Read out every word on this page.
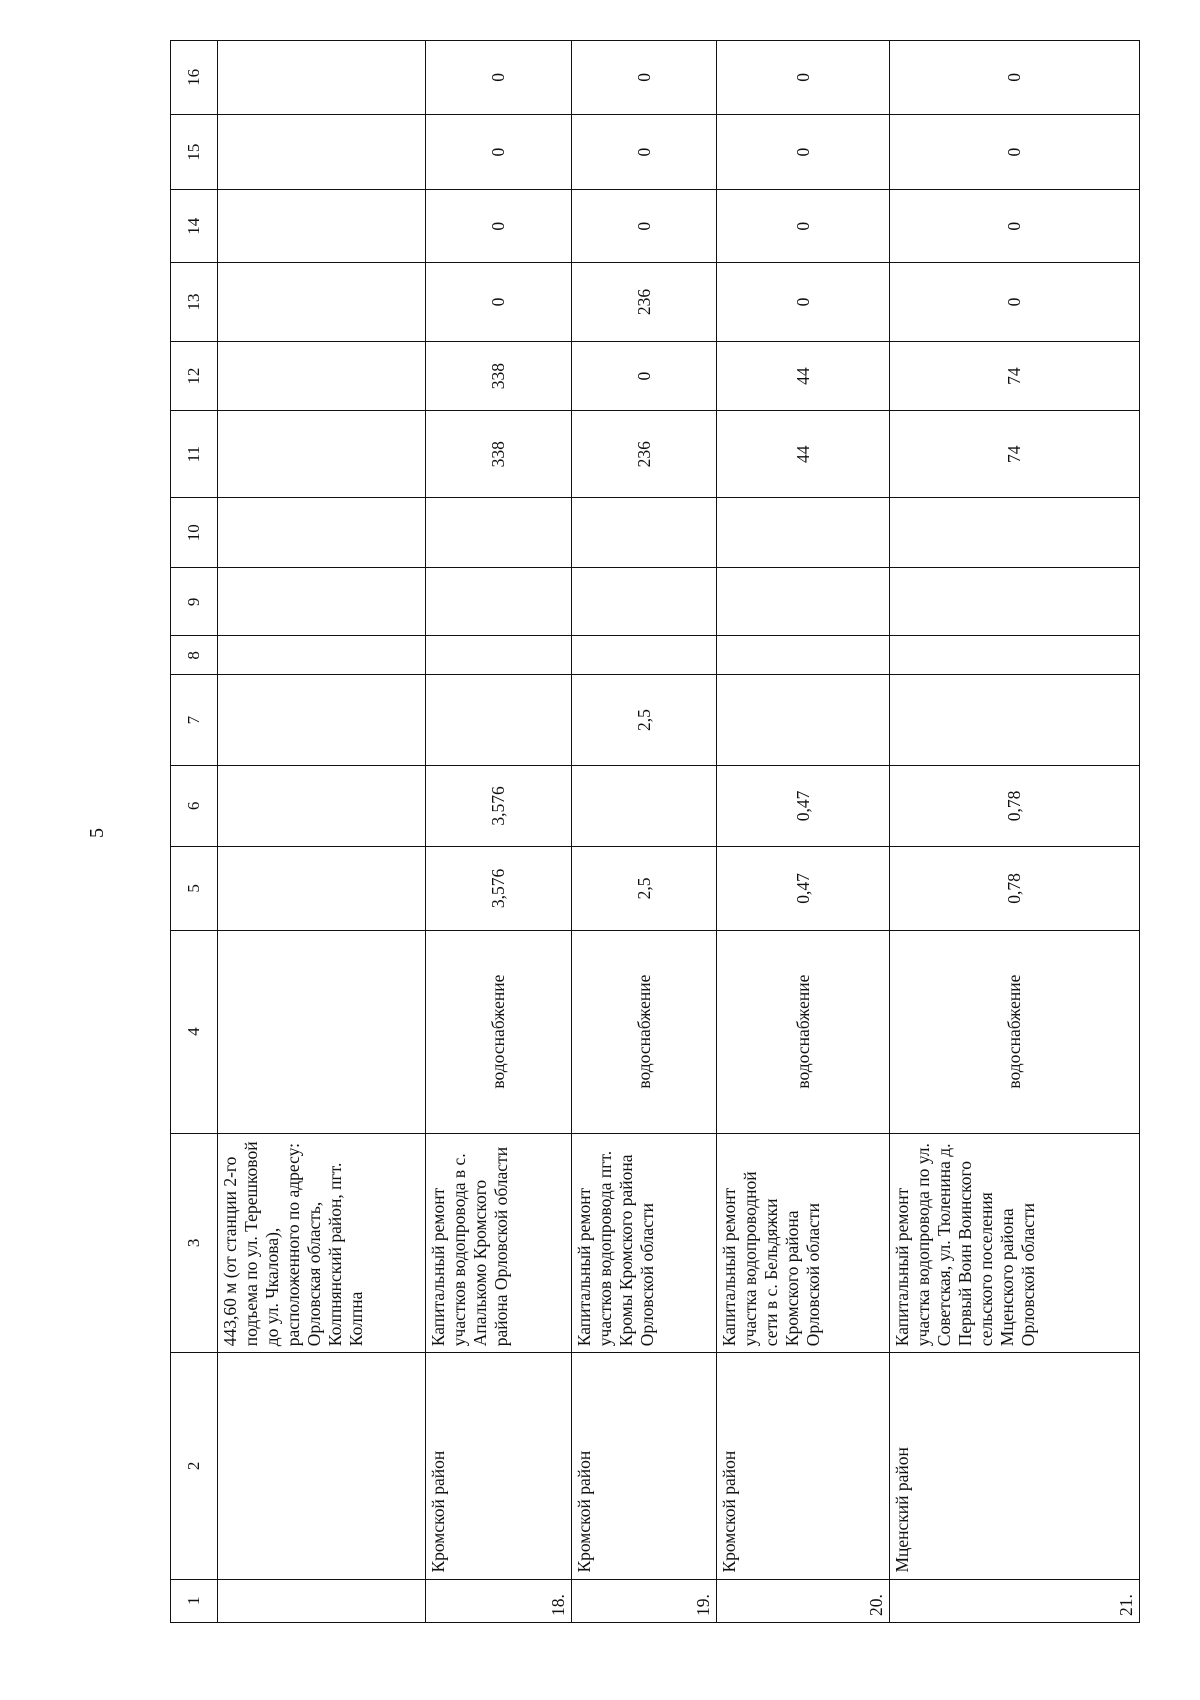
5
1	2	3	4	5	6	7	8	9	10	11	12	13	14	15	16
		443,60 м (от станции 2-го подъема по ул. Терешковой до ул. Чкалова), расположенного по адресу: Орловская область, Колпнянский район, пгт. Колпна													
18.	Кромской район	Капитальный ремонт участков водопровода в с. Апалькомо Кромского района Орловской области	водоснабжение	3,576	3,576					338	338	0	0	0	0
19.	Кромской район	Капитальный ремонт участков водопровода пгт. Кромы Кромского района Орловской области	водоснабжение	2,5		2,5				236	0	236	0	0	0
20.	Кромской район	Капитальный ремонт участка водопроводной сети в с. Бельдяжки Кромского района Орловской области	водоснабжение	0,47	0,47					44	44	0	0	0	0
21.	Мценский район	Капитальный ремонт участка водопровода по ул. Советская, ул. Тюленина д. Первый Воин Воинского сельского поселения Мценского района Орловской области	водоснабжение	0,78	0,78					74	74	0	0	0	0
